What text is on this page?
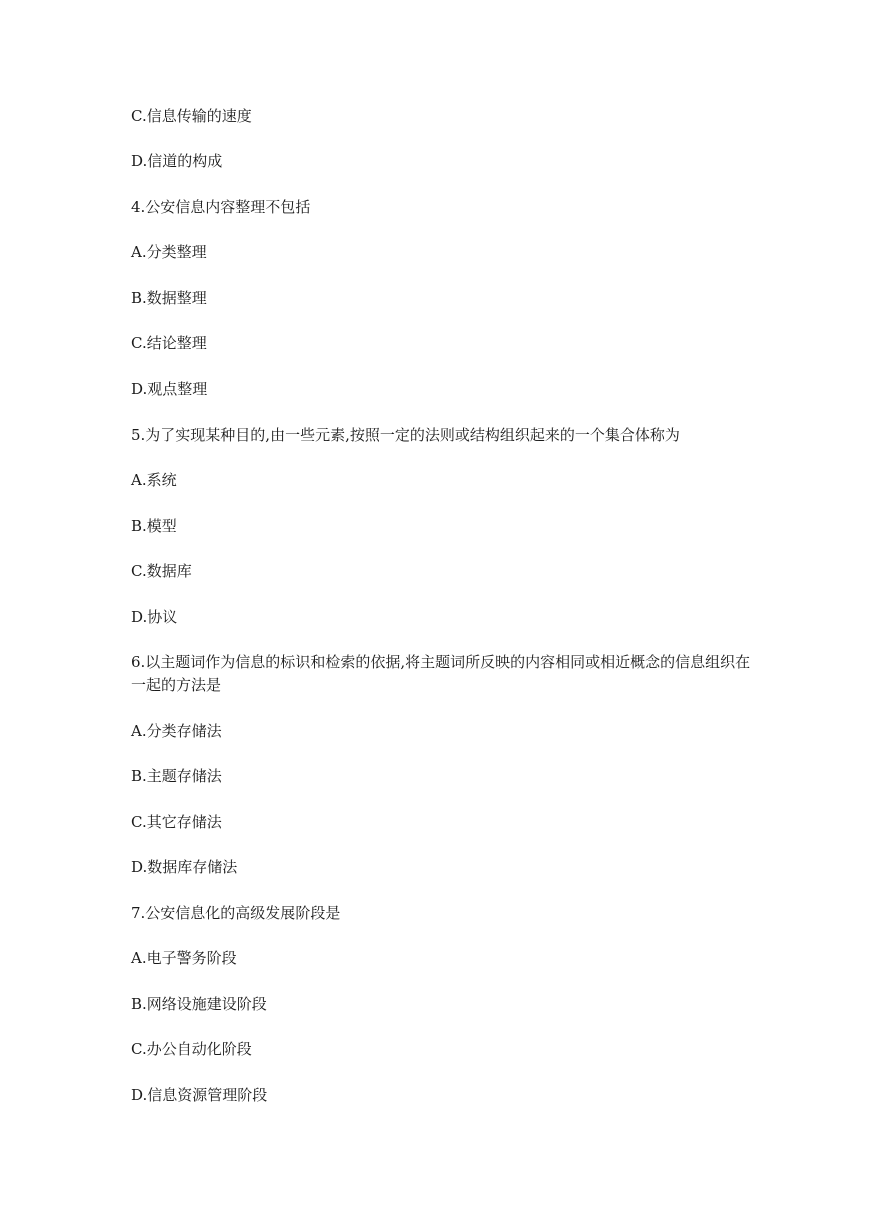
C.信息传输的速度
D.信道的构成
4.公安信息内容整理不包括
A.分类整理
B.数据整理
C.结论整理
D.观点整理
5.为了实现某种目的,由一些元素,按照一定的法则或结构组织起来的一个集合体称为
A.系统
B.模型
C.数据库
D.协议
6.以主题词作为信息的标识和检索的依据,将主题词所反映的内容相同或相近概念的信息组织在一起的方法是
A.分类存储法
B.主题存储法
C.其它存储法
D.数据库存储法
7.公安信息化的高级发展阶段是
A.电子警务阶段
B.网络设施建设阶段
C.办公自动化阶段
D.信息资源管理阶段
